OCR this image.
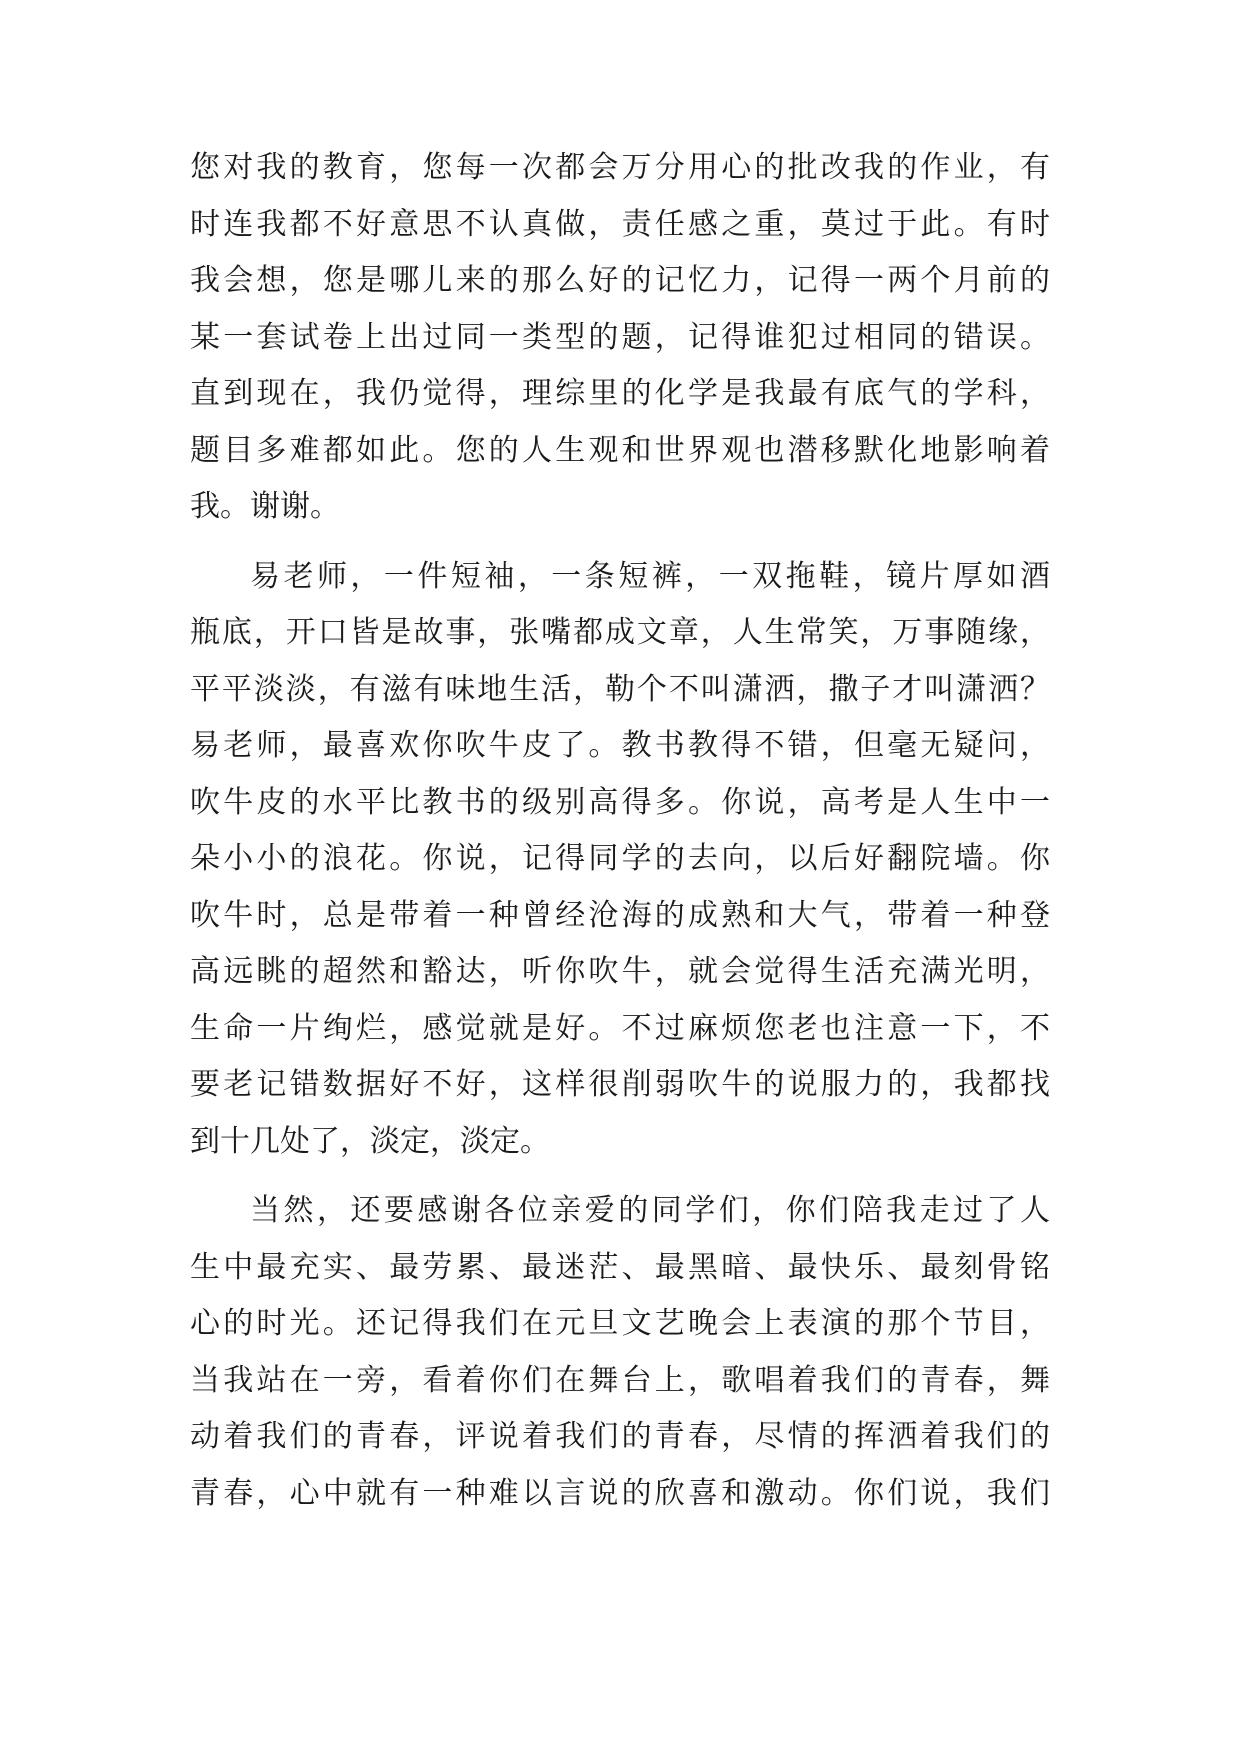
您对我的教育，您每一次都会万分用心的批改我的作业，有
时连我都不好意思不认真做，责任感之重，莫过于此。有时
我会想，您是哪儿来的那么好的记忆力，记得一两个月前的
某一套试卷上出过同一类型的题，记得谁犯过相同的错误。
直到现在，我仍觉得，理综里的化学是我最有底气的学科，
题目多难都如此。您的人生观和世界观也潜移默化地影响着
我。谢谢。
易老师，一件短袖，一条短裤，一双拖鞋，镜片厚如酒
瓶底，开口皆是故事，张嘴都成文章，人生常笑，万事随缘，
平平淡淡，有滋有味地生活，勒个不叫潇洒，撒子才叫潇洒？
易老师，最喜欢你吹牛皮了。教书教得不错，但毫无疑问，
吹牛皮的水平比教书的级别高得多。你说，高考是人生中一
朵小小的浪花。你说，记得同学的去向，以后好翻院墙。你
吹牛时，总是带着一种曾经沧海的成熟和大气，带着一种登
高远眺的超然和豁达，听你吹牛，就会觉得生活充满光明，
生命一片绚烂，感觉就是好。不过麻烦您老也注意一下，不
要老记错数据好不好，这样很削弱吹牛的说服力的，我都找
到十几处了，淡定，淡定。
当然，还要感谢各位亲爱的同学们，你们陪我走过了人
生中最充实、最劳累、最迷茫、最黑暗、最快乐、最刻骨铭
心的时光。还记得我们在元旦文艺晚会上表演的那个节目，
当我站在一旁，看着你们在舞台上，歌唱着我们的青春，舞
动着我们的青春，评说着我们的青春，尽情的挥洒着我们的
青春，心中就有一种难以言说的欣喜和激动。你们说，我们
